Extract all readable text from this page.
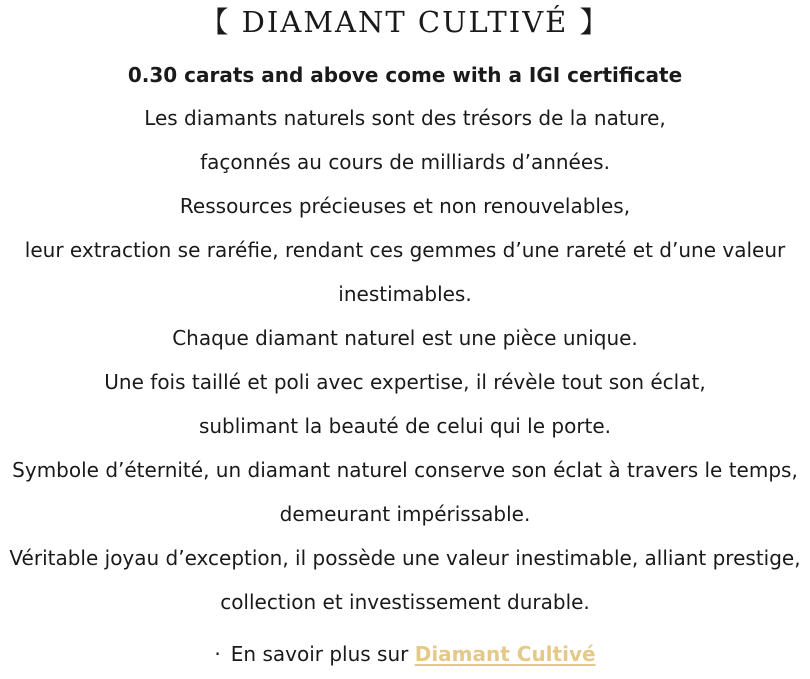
【 DIAMANT CULTIVÉ 】
0.30 carats and above come with a IGI certificate
Les diamants naturels sont des trésors de la nature,
façonnés au cours de milliards d’années.
Ressources précieuses et non renouvelables,
leur extraction se raréfie, rendant ces gemmes d’une rareté et d’une valeur inestimables.
Chaque diamant naturel est une pièce unique.
Une fois taillé et poli avec expertise, il révèle tout son éclat,
sublimant la beauté de celui qui le porte.
Symbole d’éternité, un diamant naturel conserve son éclat à travers le temps, demeurant impérissable.
Véritable joyau d’exception, il possède une valeur inestimable, alliant prestige, collection et investissement durable.
· En savoir plus sur Diamant Cultivé
